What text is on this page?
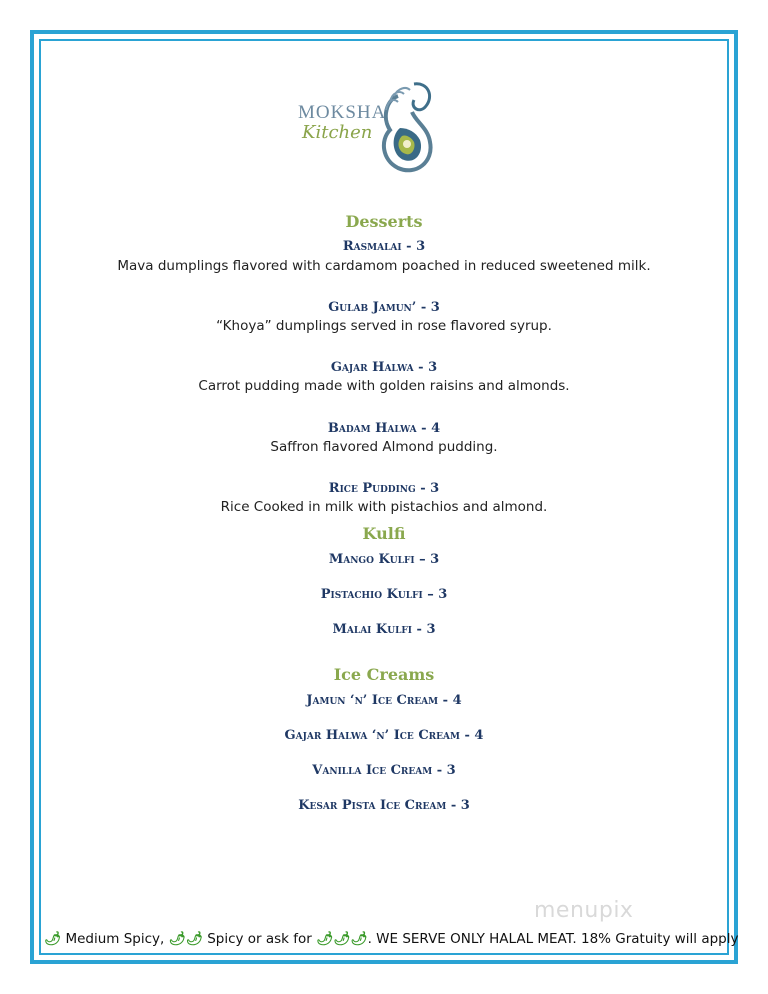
MOKSHA
Kitchen
Desserts
Rasmalai - 3
Mava dumplings flavored with cardamom poached in reduced sweetened milk.
Gulab Jamun’ - 3
“Khoya” dumplings served in rose flavored syrup.
Gajar Halwa - 3
Carrot pudding made with golden raisins and almonds.
Badam Halwa - 4
Saffron flavored Almond pudding.
Rice Pudding - 3
Rice Cooked in milk with pistachios and almond.
Kulfi
Mango Kulfi – 3
Pistachio Kulfi – 3
Malai Kulfi - 3
Ice Creams
Jamun ‘n’ Ice Cream - 4
Gajar Halwa ‘n’ Ice Cream - 4
Vanilla Ice Cream - 3
Kesar Pista Ice Cream - 3
menupix
🌶 Medium Spicy, 🌶🌶 Spicy or ask for 🌶🌶🌶. WE SERVE ONLY HALAL MEAT. 18% Gratuity will apply
